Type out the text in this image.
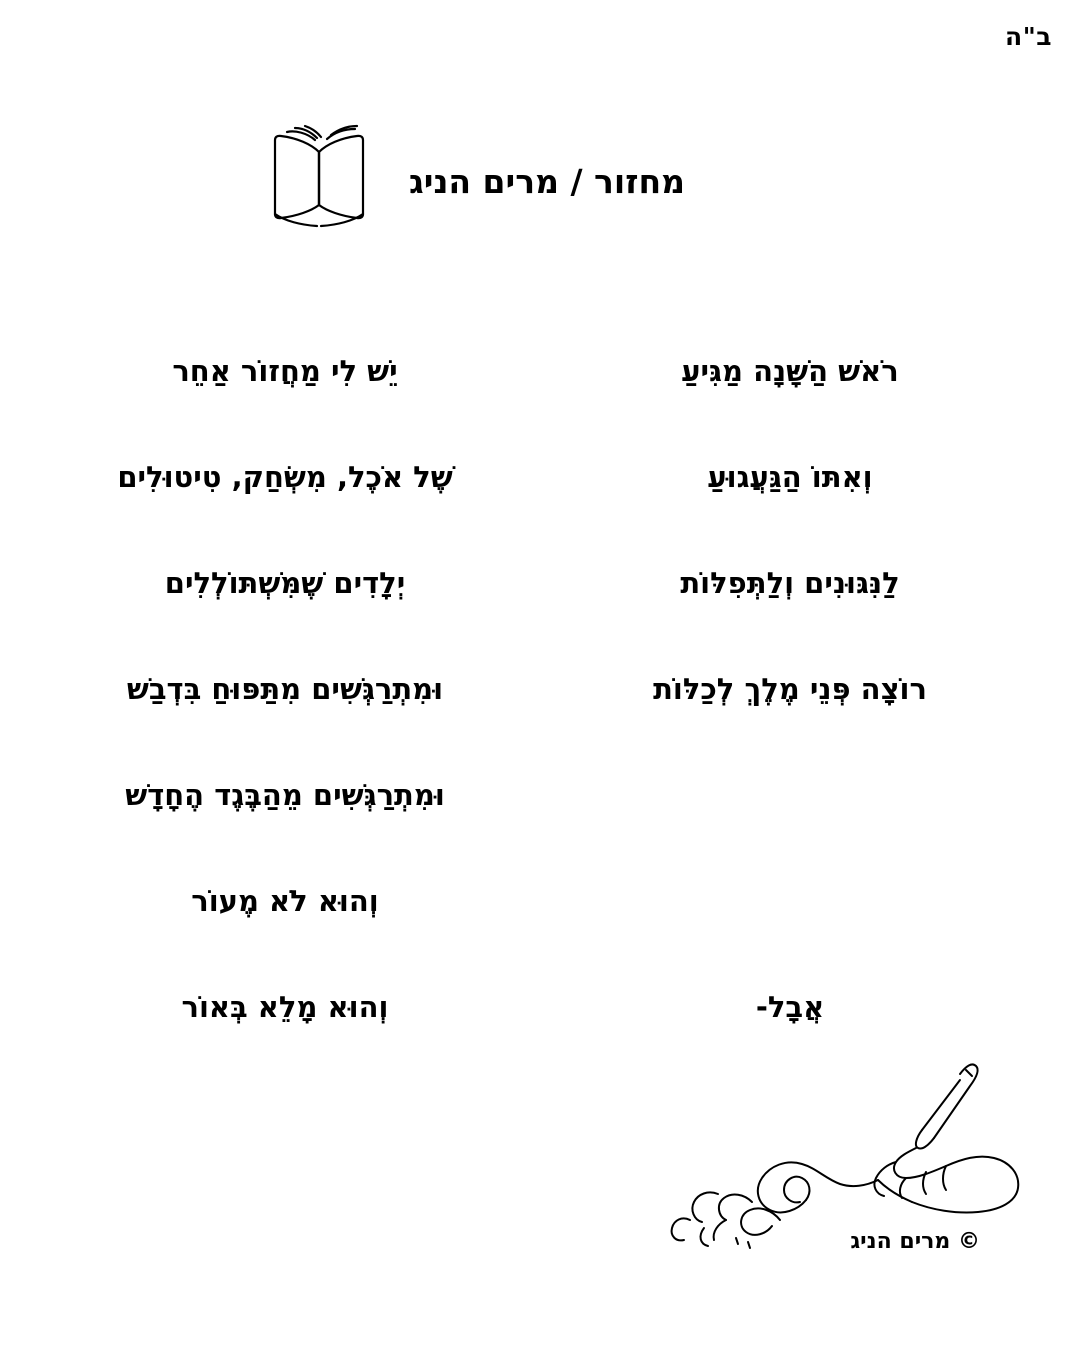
ב"ה
מחזור / מרים הניג
רֹאשׁ הַשָּׁנָה מַגִּיעַ
וְאִתּוֹ הַגַּעֲגוּעַ
לַנִּגּוּנִים וְלַתְּפִלּוֹת
רוֹצָה פְּנֵי מֶלֶךְ לְכַלּוֹת
אֲבָל-
יֵשׁ לִי מַחֲזוֹר אַחֵר
שֶׁל אֹכֶל, מִשְׂחַק, טִיטוּלִים
יְלָדִים שֶׁמִּשְׁתּוֹלְלִים
וּמִתְרַגְּשִׁים מִתַּפּוּחַ בִּדְבַשׁ
וּמִתְרַגְּשִׁים מֵהַבֶּגֶד הֶחָדָשׁ
וְהוּא לֹא מֶעוֹר
וְהוּא מָלֵא בְּאוֹר
© מרים הניג
